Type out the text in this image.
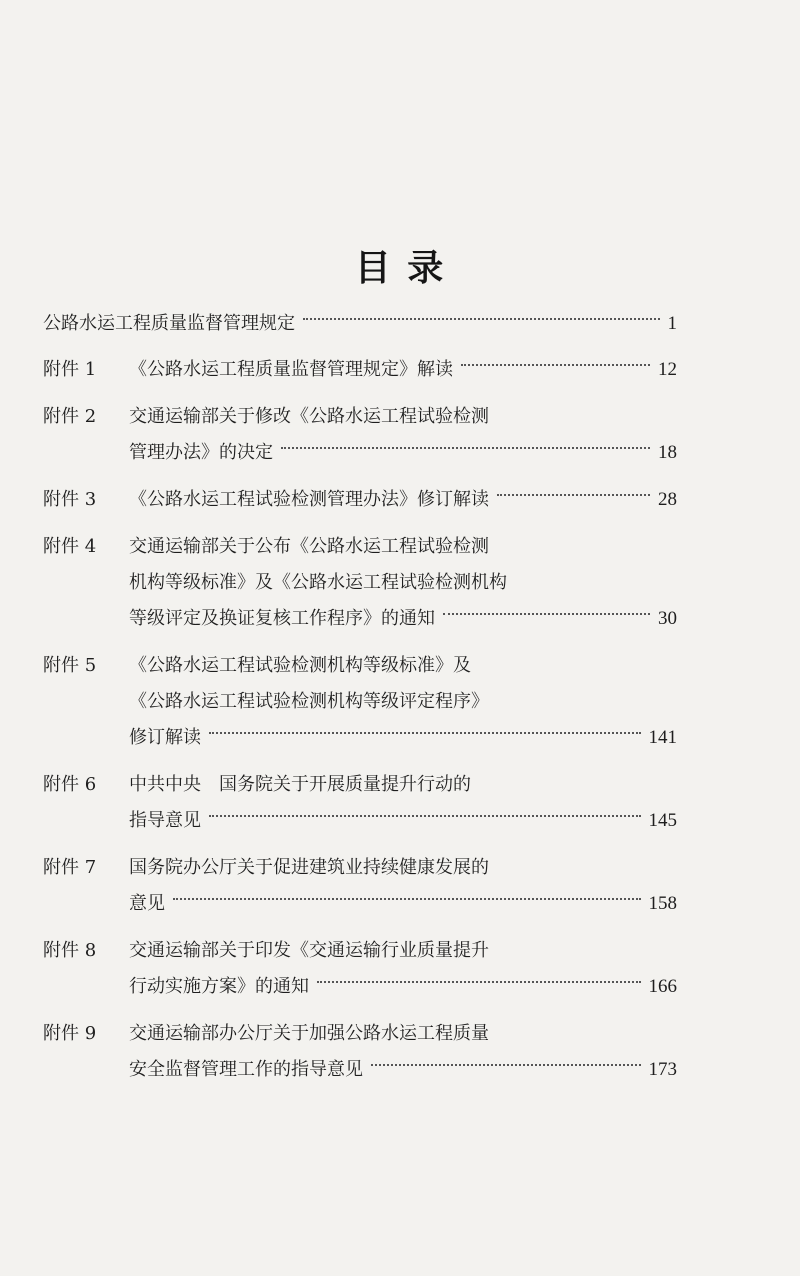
目 录
公路水运工程质量监督管理规定	1
附件 1	《公路水运工程质量监督管理规定》解读	12
附件 2	交通运输部关于修改《公路水运工程试验检测
管理办法》的决定	18
附件 3	《公路水运工程试验检测管理办法》修订解读	28
附件 4	交通运输部关于公布《公路水运工程试验检测
机构等级标准》及《公路水运工程试验检测机构
等级评定及换证复核工作程序》的通知	30
附件 5	《公路水运工程试验检测机构等级标准》及
《公路水运工程试验检测机构等级评定程序》
修订解读	141
附件 6	中共中央　国务院关于开展质量提升行动的
指导意见	145
附件 7	国务院办公厅关于促进建筑业持续健康发展的
意见	158
附件 8	交通运输部关于印发《交通运输行业质量提升
行动实施方案》的通知	166
附件 9	交通运输部办公厅关于加强公路水运工程质量
安全监督管理工作的指导意见	173
